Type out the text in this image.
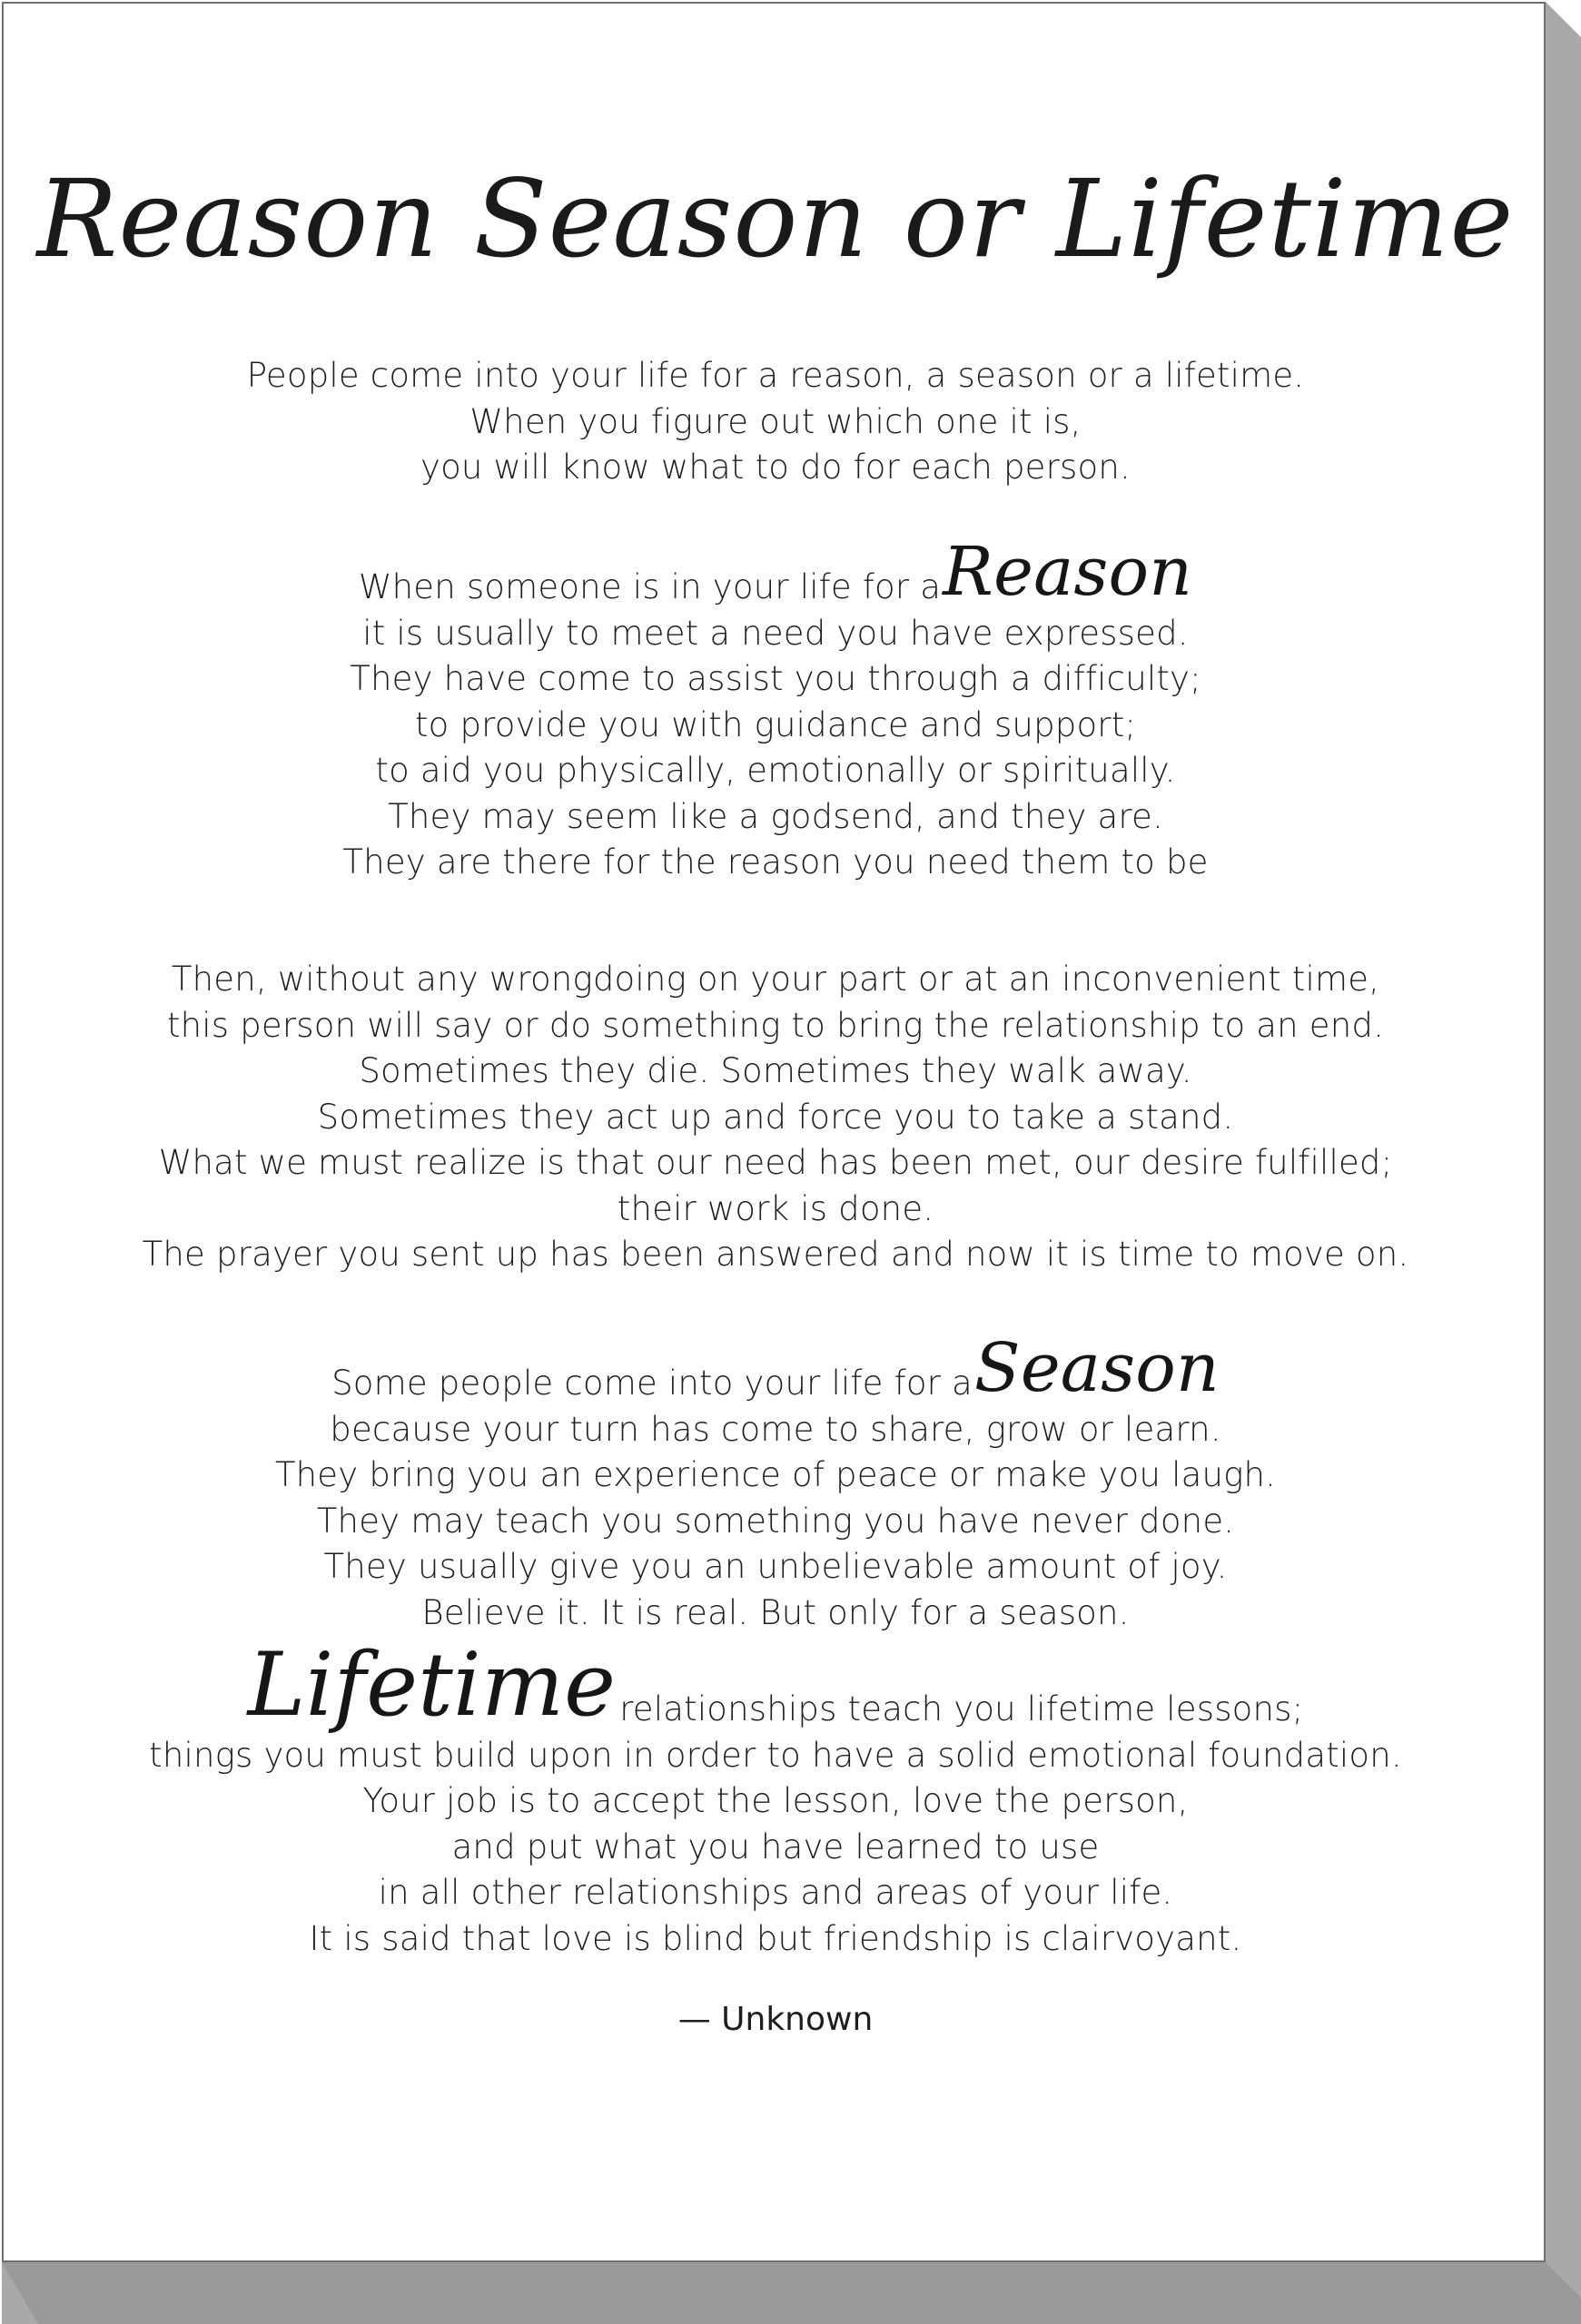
Reason Season or Lifetime
People come into your life for a reason, a season or a lifetime.
When you figure out which one it is,
you will know what to do for each person.
When someone is in your life for aReason
it is usually to meet a need you have expressed.
They have come to assist you through a difficulty;
to provide you with guidance and support;
to aid you physically, emotionally or spiritually.
They may seem like a godsend, and they are.
They are there for the reason you need them to be
Then, without any wrongdoing on your part or at an inconvenient time,
this person will say or do something to bring the relationship to an end.
Sometimes they die. Sometimes they walk away.
Sometimes they act up and force you to take a stand.
What we must realize is that our need has been met, our desire fulfilled;
their work is done.
The prayer you sent up has been answered and now it is time to move on.
Some people come into your life for aSeason
because your turn has come to share, grow or learn.
They bring you an experience of peace or make you laugh.
They may teach you something you have never done.
They usually give you an unbelievable amount of joy.
Believe it. It is real. But only for a season.
Lifetime relationships teach you lifetime lessons;
things you must build upon in order to have a solid emotional foundation.
Your job is to accept the lesson, love the person,
and put what you have learned to use
in all other relationships and areas of your life.
It is said that love is blind but friendship is clairvoyant.
— Unknown
